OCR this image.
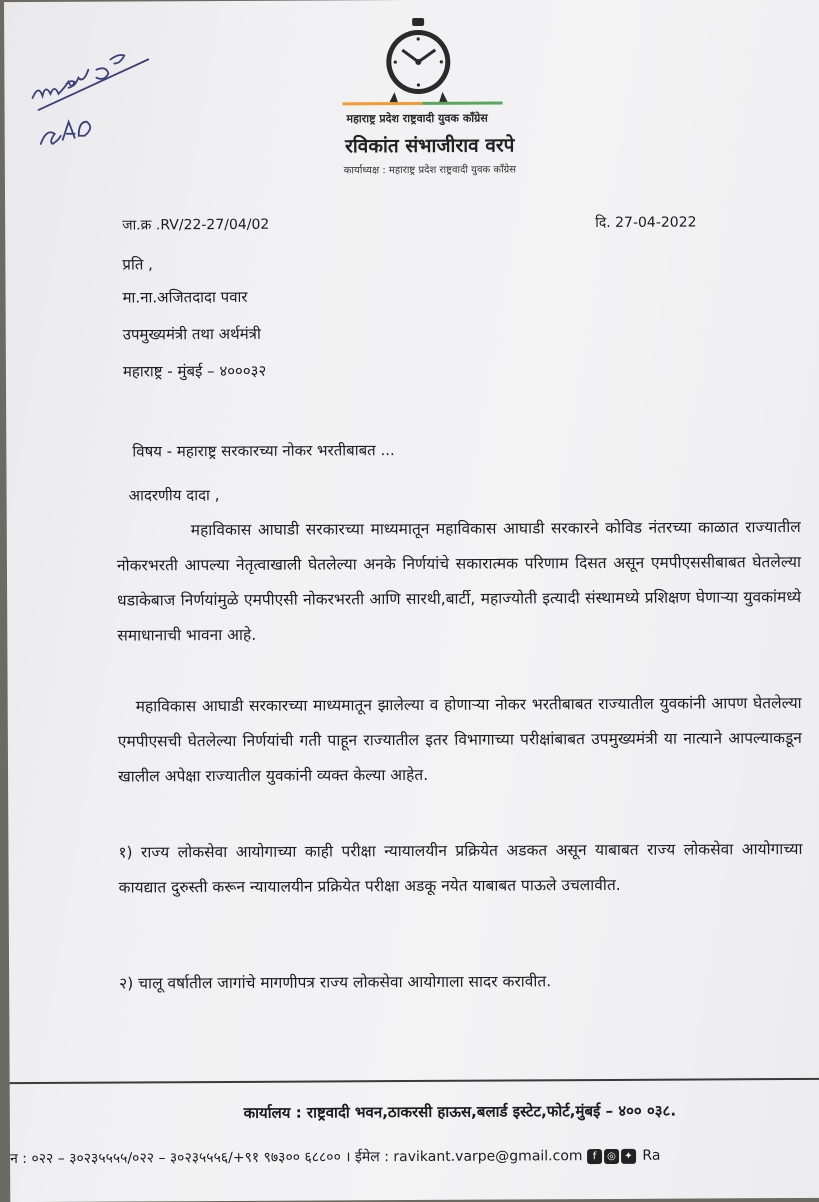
महाराष्ट्र प्रदेश राष्ट्रवादी युवक कॉंग्रेस
रविकांत संभाजीराव वरपे
कार्याध्यक्ष : महाराष्ट्र प्रदेश राष्ट्रवादी युवक कॉंग्रेस
जा.क्र .RV/22-27/04/02	दि. 27-04-2022
प्रति ,
मा.ना.अजितदादा पवार
उपमुख्यमंत्री तथा अर्थमंत्री
महाराष्ट्र - मुंबई – ४०००३२
विषय - महाराष्ट्र सरकारच्या नोकर भरतीबाबत ...
आदरणीय दादा ,
महाविकास आघाडी सरकारच्या माध्यमातून महाविकास आघाडी सरकारने कोविड नंतरच्या काळात राज्यातील नोकरभरती आपल्या नेतृत्वाखाली घेतलेल्या अनके निर्णयांचे सकारात्मक परिणाम दिसत असून एमपीएससीबाबत घेतलेल्या धडाकेबाज निर्णयांमुळे एमपीएसी नोकरभरती आणि सारथी,बार्टी, महाज्योती इत्यादी संस्थामध्ये प्रशिक्षण घेणाऱ्या युवकांमध्ये समाधानाची भावना आहे.
महाविकास आघाडी सरकारच्या माध्यमातून झालेल्या व होणाऱ्या नोकर भरतीबाबत राज्यातील युवकांनी आपण घेतलेल्या एमपीएसची घेतलेल्या निर्णयांची गती पाहून राज्यातील इतर विभागाच्या परीक्षांबाबत उपमुख्यमंत्री या नात्याने आपल्याकडून खालील अपेक्षा राज्यातील युवकांनी व्यक्त केल्या आहेत.
१) राज्य लोकसेवा आयोगाच्या काही परीक्षा न्यायालयीन प्रक्रियेत अडकत असून याबाबत राज्य लोकसेवा आयोगाच्या कायद्यात दुरुस्ती करून न्यायालयीन प्रक्रियेत परीक्षा अडकू नयेत याबाबत पाऊले उचलावीत.
२) चालू वर्षातील जागांचे मागणीपत्र राज्य लोकसेवा आयोगाला सादर करावीत.
कार्यालय : राष्ट्रवादी भवन,ठाकरसी हाऊस,बलार्ड इस्टेट,फोर्ट,मुंबई – ४०० ०३८.
न : ०२२ – ३०२३५५५५/०२२ – ३०२३५५५६/+९१ ९७३०० ६८८०० । ईमेल : ravikant.varpe@gmail.com f ◎ ✦ Ra
